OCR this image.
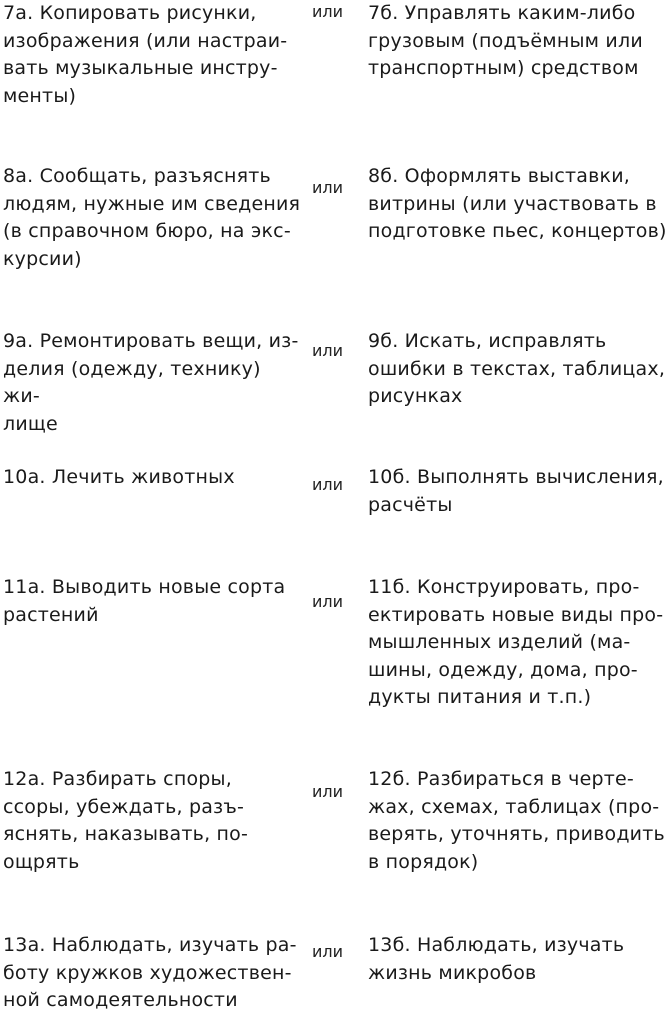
7а. Копировать рисунки,
изображения (или настраи-
вать музыкальные инстру-
менты)
или 7б. Управлять каким-либо
грузовым (подъёмным или
транспортным) средством
8а. Сообщать, разъяснять
людям, нужные им сведения
(в справочном бюро, на экс-
курсии)
или
8б. Оформлять выставки,
витрины (или участвовать в
подготовке пьес, концертов)
9а. Ремонтировать вещи, из-
делия (одежду, технику) жи-
лище
или 9б. Искать, исправлять
ошибки в текстах, таблицах,
рисунках
10а. Лечить животных	или 10б. Выполнять вычисления,
расчёты
11а. Выводить новые сорта
растений
или
11б. Конструировать, про-
ектировать новые виды про-
мышленных изделий (ма-
шины, одежду, дома, про-
дукты питания и т.п.)
12а. Разбирать споры,
ссоры, убеждать, разъ-
яснять, наказывать, по-
ощрять
или
12б. Разбираться в черте-
жах, схемах, таблицах (про-
верять, уточнять, приводить
в порядок)
13а. Наблюдать, изучать ра-
боту кружков художествен-
ной самодеятельности
или 13б. Наблюдать, изучать
жизнь микробов
